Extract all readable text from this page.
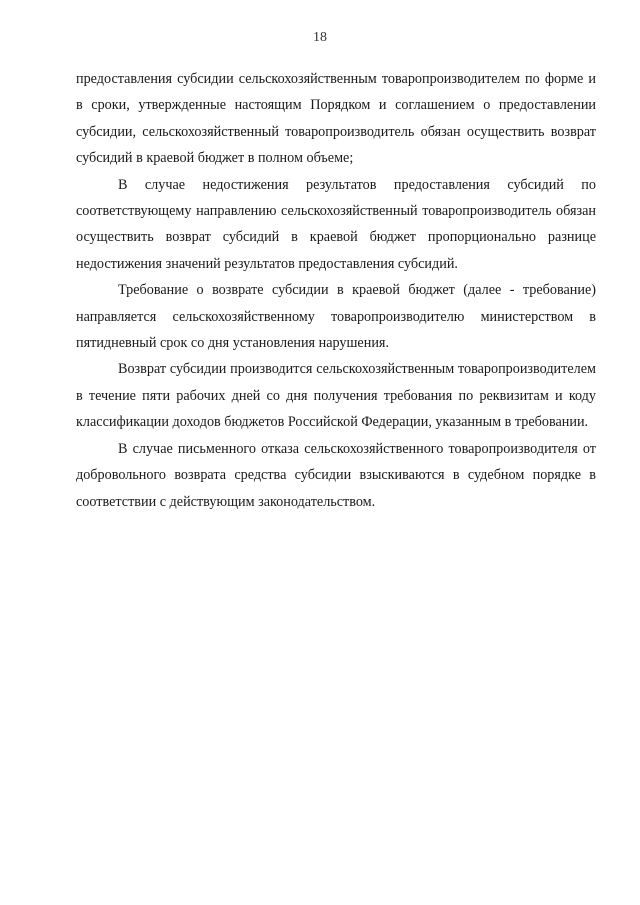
18

предоставления субсидии сельскохозяйственным товаропроизводителем по форме и в сроки, утвержденные настоящим Порядком и соглашением о предоставлении субсидии, сельскохозяйственный товаропроизводитель обязан осуществить возврат субсидий в краевой бюджет в полном объеме;

В случае недостижения результатов предоставления субсидий по соответствующему направлению сельскохозяйственный товаропроизводитель обязан осуществить возврат субсидий в краевой бюджет пропорционально разнице недостижения значений результатов предоставления субсидий.

Требование о возврате субсидии в краевой бюджет (далее - требование) направляется сельскохозяйственному товаропроизводителю министерством в пятидневный срок со дня установления нарушения.

Возврат субсидии производится сельскохозяйственным товаропроизводителем в течение пяти рабочих дней со дня получения требования по реквизитам и коду классификации доходов бюджетов Российской Федерации, указанным в требовании.

В случае письменного отказа сельскохозяйственного товаропроизводителя от добровольного возврата средства субсидии взыскиваются в судебном порядке в соответствии с действующим законодательством.
